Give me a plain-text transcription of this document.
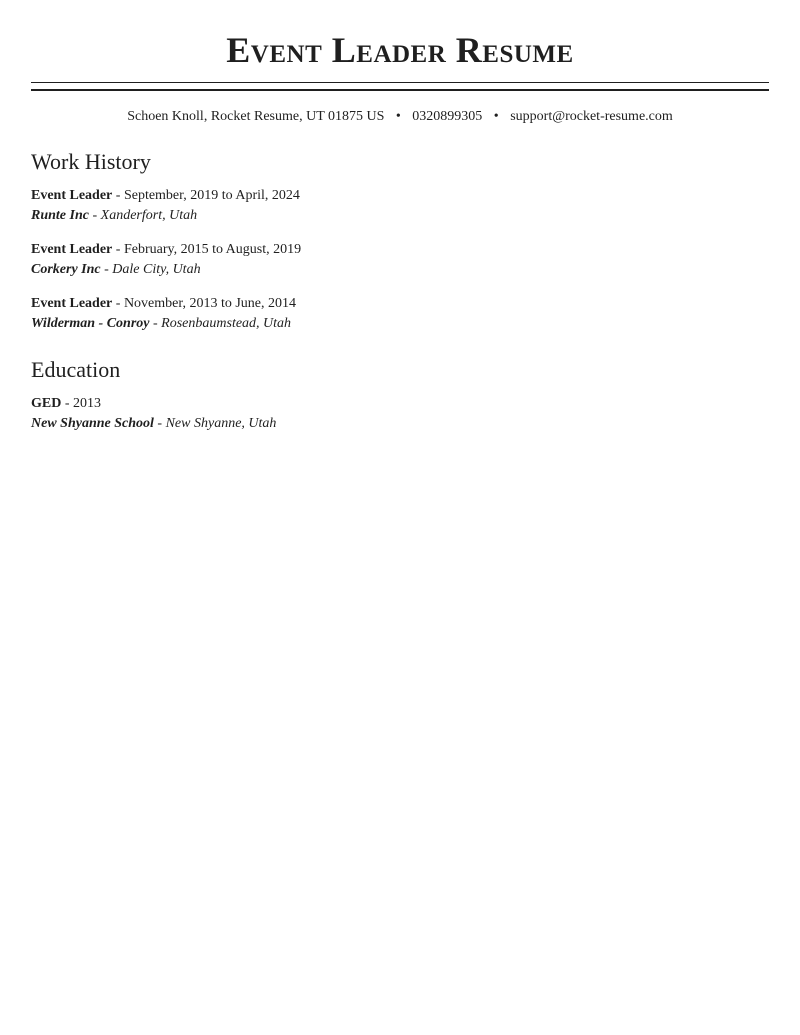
Event Leader Resume
Schoen Knoll, Rocket Resume, UT 01875 US • 0320899305 • support@rocket-resume.com
Work History
Event Leader - September, 2019 to April, 2024
Runte Inc - Xanderfort, Utah
Event Leader - February, 2015 to August, 2019
Corkery Inc - Dale City, Utah
Event Leader - November, 2013 to June, 2014
Wilderman - Conroy - Rosenbaumstead, Utah
Education
GED - 2013
New Shyanne School - New Shyanne, Utah
